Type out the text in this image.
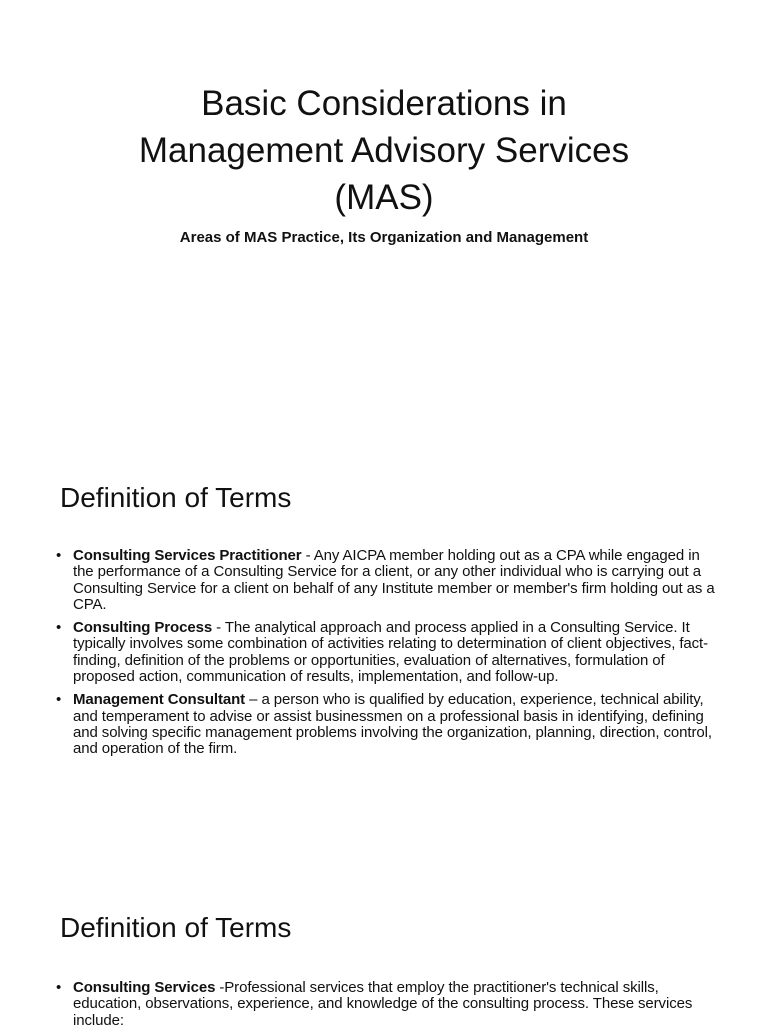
Basic Considerations in
Management Advisory Services
(MAS)
Areas of MAS Practice, Its Organization and Management
Definition of Terms
• Consulting Services Practitioner - Any AICPA member holding out as a CPA while engaged in the performance of a Consulting Service for a client, or any other individual who is carrying out a Consulting Service for a client on behalf of any Institute member or member's firm holding out as a CPA.
• Consulting Process - The analytical approach and process applied in a Consulting Service. It typically involves some combination of activities relating to determination of client objectives, fact-finding, definition of the problems or opportunities, evaluation of alternatives, formulation of proposed action, communication of results, implementation, and follow-up.
• Management Consultant – a person who is qualified by education, experience, technical ability, and temperament to advise or assist businessmen on a professional basis in identifying, defining and solving specific management problems involving the organization, planning, direction, control, and operation of the firm.
Definition of Terms
• Consulting Services -Professional services that employ the practitioner's technical skills, education, observations, experience, and knowledge of the consulting process. These services include:
